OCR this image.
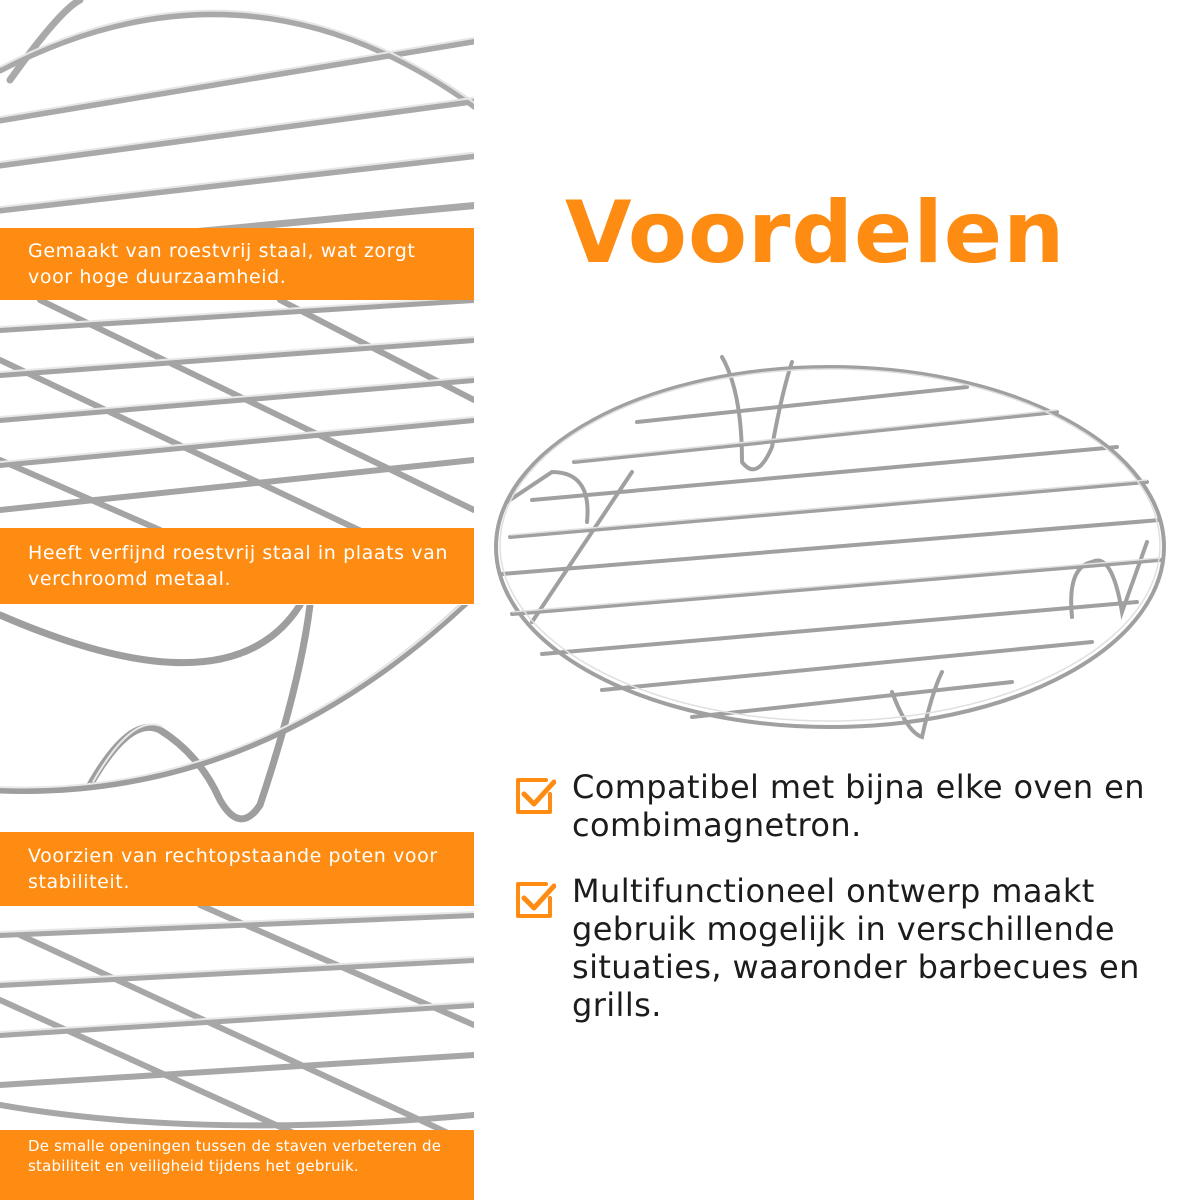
Gemaakt van roestvrij staal, wat zorgt voor hoge duurzaamheid.

Heeft verfijnd roestvrij staal in plaats van verchroomd metaal.

Voorzien van rechtopstaande poten voor stabiliteit.

De smalle openingen tussen de staven verbeteren de stabiliteit en veiligheid tijdens het gebruik.

Voordelen

Compatibel met bijna elke oven en combimagnetron.

Multifunctioneel ontwerp maakt gebruik mogelijk in verschillende situaties, waaronder barbecues en grills.
